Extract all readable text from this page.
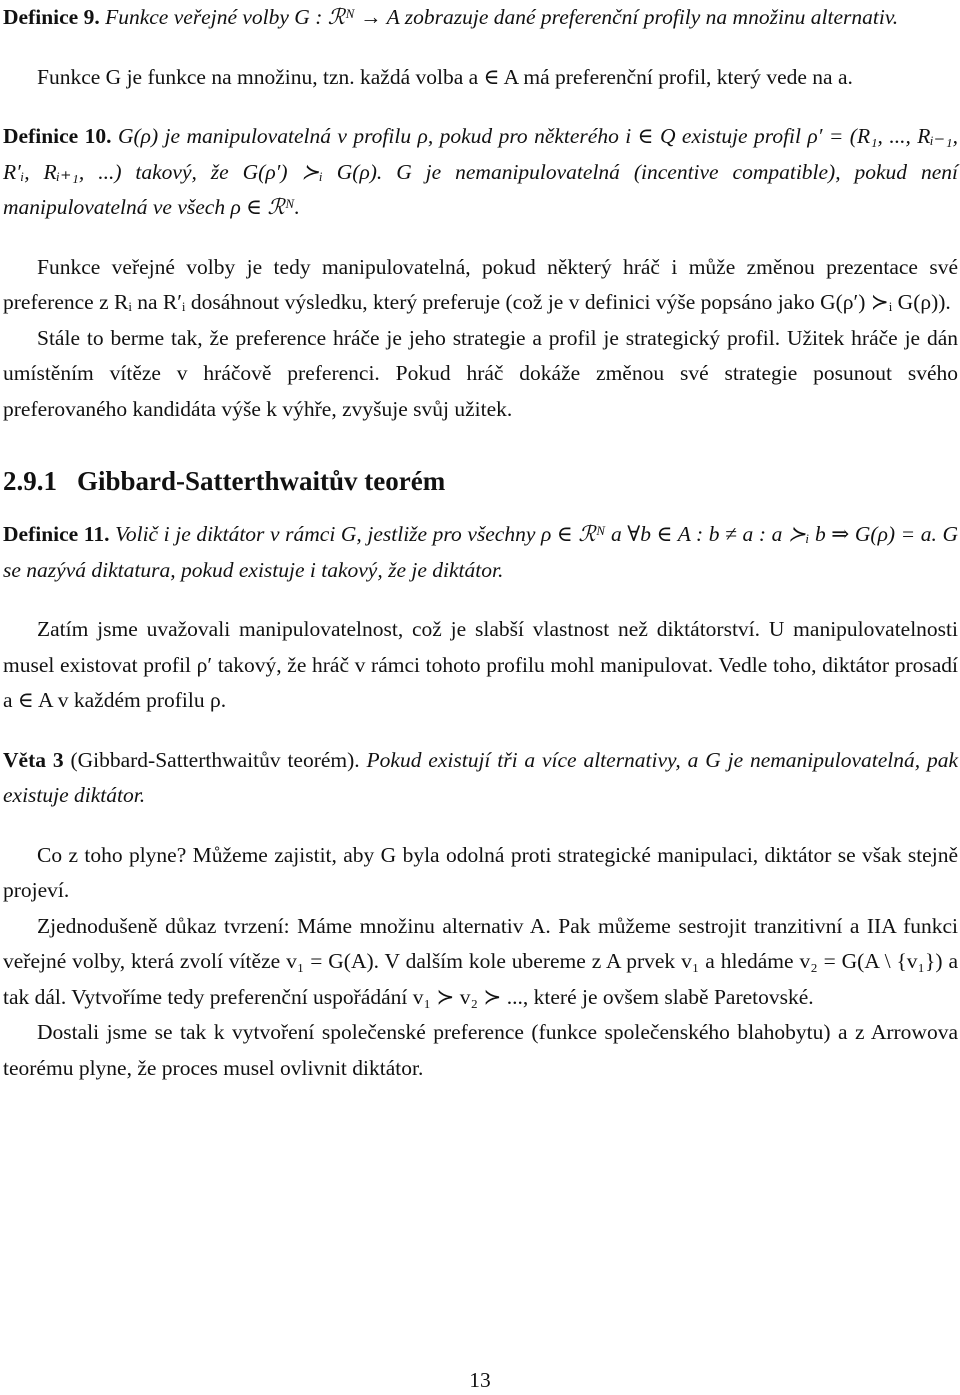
Definice 9. Funkce veřejné volby G : ℛᴺ → A zobrazuje dané preferenční profily na množinu alternativ.

Funkce G je funkce na množinu, tzn. každá volba a ∈ A má preferenční profil, který vede na a.

Definice 10. G(ρ) je manipulovatelná v profilu ρ, pokud pro některého i ∈ Q existuje profil ρ′ = (R₁, ..., Rᵢ₋₁, R′ᵢ, Rᵢ₊₁, ...) takový, že G(ρ′) ≻ᵢ G(ρ). G je nemanipulovatelná (incentive compatible), pokud není manipulovatelná ve všech ρ ∈ ℛᴺ.

Funkce veřejné volby je tedy manipulovatelná, pokud některý hráč i může změnou prezentace své preference z Rᵢ na R′ᵢ dosáhnout výsledku, který preferuje (což je v definici výše popsáno jako G(ρ′) ≻ᵢ G(ρ)).

Stále to berme tak, že preference hráče je jeho strategie a profil je strategický profil. Užitek hráče je dán umístěním vítěze v hráčově preferenci. Pokud hráč dokáže změnou své strategie posunout svého preferovaného kandidáta výše k výhře, zvyšuje svůj užitek.

2.9.1 Gibbard-Satterthwaitův teorém

Definice 11. Volič i je diktátor v rámci G, jestliže pro všechny ρ ∈ ℛᴺ a ∀b ∈ A : b ≠ a : a ≻ᵢ b ⇒ G(ρ) = a. G se nazývá diktatura, pokud existuje i takový, že je diktátor.

Zatím jsme uvažovali manipulovatelnost, což je slabší vlastnost než diktátorství. U manipulovatelnosti musel existovat profil ρ′ takový, že hráč v rámci tohoto profilu mohl manipulovat. Vedle toho, diktátor prosadí a ∈ A v každém profilu ρ.

Věta 3 (Gibbard-Satterthwaitův teorém). Pokud existují tři a více alternativy, a G je nemanipulovatelná, pak existuje diktátor.

Co z toho plyne? Můžeme zajistit, aby G byla odolná proti strategické manipulaci, diktátor se však stejně projeví.

Zjednodušeně důkaz tvrzení: Máme množinu alternativ A. Pak můžeme sestrojit tranzitivní a IIA funkci veřejné volby, která zvolí vítěze v₁ = G(A). V dalším kole ubereme z A prvek v₁ a hledáme v₂ = G(A \ {v₁}) a tak dál. Vytvoříme tedy preferenční uspořádání v₁ ≻ v₂ ≻ ..., které je ovšem slabě Paretovské.

Dostali jsme se tak k vytvoření společenské preference (funkce společenského blahobytu) a z Arrowova teorému plyne, že proces musel ovlivnit diktátor.

13
